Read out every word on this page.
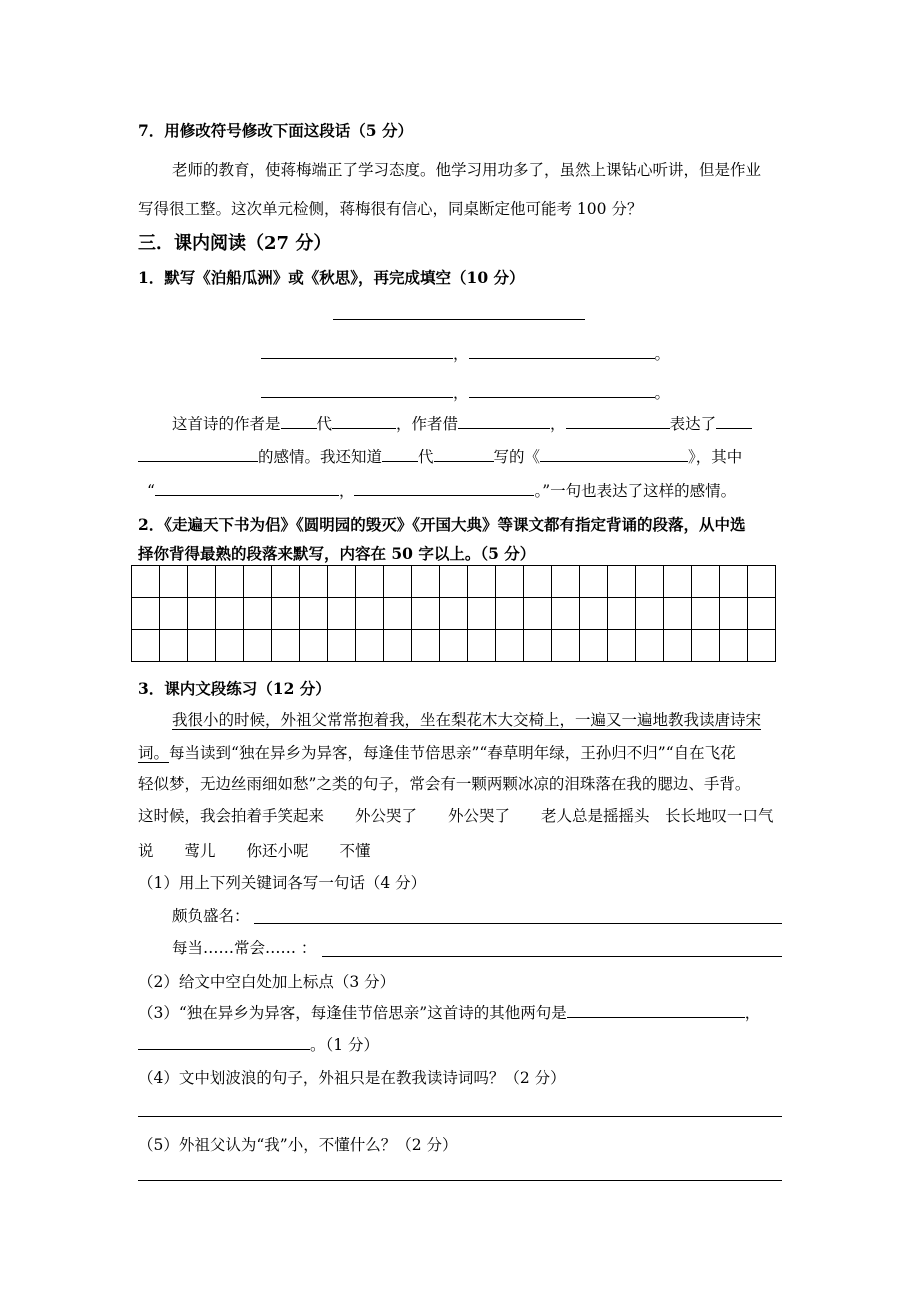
7．用修改符号修改下面这段话（5 分）
老师的教育，使蒋梅端正了学习态度。他学习用功多了，虽然上课钻心听讲，但是作业
写得很工整。这次单元检侧，蒋梅很有信心，同桌断定他可能考 100 分？
三．课内阅读（27 分）
1．默写《泊船瓜洲》或《秋思》，再完成填空（10 分）
，	。
，	。
这首诗的作者是 代	，作者借	，	表达了
的感情。我还知道 代	写的《	》，其中
“	，	。”一句也表达了这样的感情。
2．《走遍天下书为侣》《圆明园的毁灭》《开国大典》等课文都有指定背诵的段落，从中选
择你背得最熟的段落来默写，内容在 50 字以上。（5 分）

3．课内文段练习（12 分）
我很小的时候，外祖父常常抱着我，坐在梨花木大交椅上，一遍又一遍地教我读唐诗宋
词。每当读到“独在异乡为异客，每逢佳节倍思亲”“春草明年绿，王孙归不归”“自在飞花
轻似梦，无边丝雨细如愁”之类的句子，常会有一颗两颗冰凉的泪珠落在我的腮边、手背。
这时候，我会拍着手笑起来　　外公哭了　　外公哭了　　老人总是摇摇头　长长地叹一口气
说　　莺儿　　你还小呢　　不懂
（1）用上下列关键词各写一句话（4 分）
颇负盛名：
每当……常会…… ：
（2）给文中空白处加上标点（3 分）
（3）“独在异乡为异客，每逢佳节倍思亲”这首诗的其他两句是	，
。（1 分）
（4）文中划波浪的句子，外祖只是在教我读诗词吗？（2 分）
（5）外祖父认为“我”小，不懂什么？（2 分）
